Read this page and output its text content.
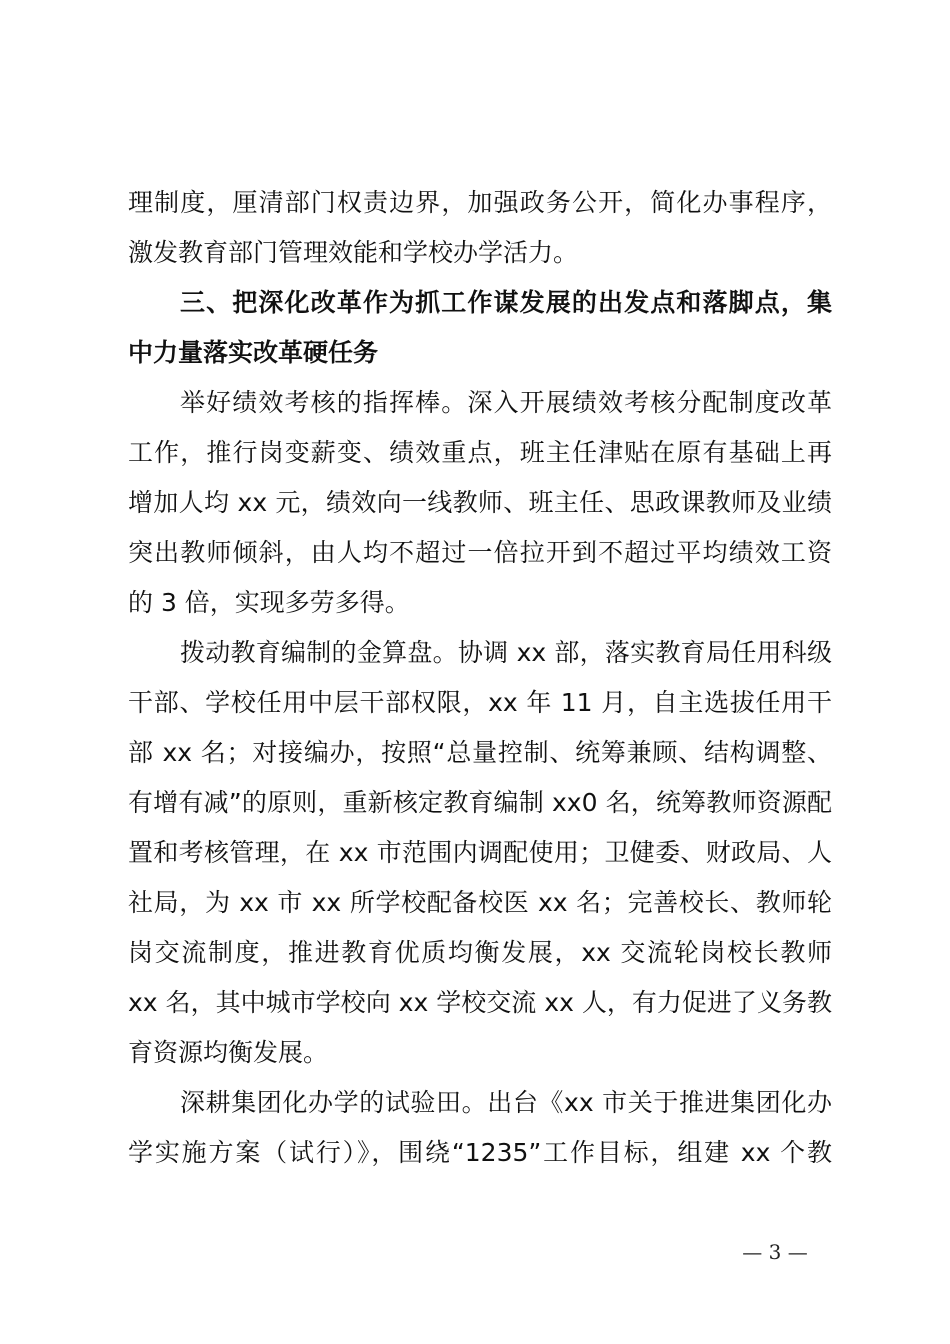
理制度，厘清部门权责边界，加强政务公开，简化办事程序，
激发教育部门管理效能和学校办学活力。
三、把深化改革作为抓工作谋发展的出发点和落脚点，集
中力量落实改革硬任务
举好绩效考核的指挥棒。深入开展绩效考核分配制度改革
工作，推行岗变薪变、绩效重点，班主任津贴在原有基础上再
增加人均 xx 元，绩效向一线教师、班主任、思政课教师及业绩
突出教师倾斜，由人均不超过一倍拉开到不超过平均绩效工资
的 3 倍，实现多劳多得。
拨动教育编制的金算盘。协调 xx 部，落实教育局任用科级
干部、学校任用中层干部权限，xx 年 11 月，自主选拔任用干
部 xx 名；对接编办，按照“总量控制、统筹兼顾、结构调整、
有增有减”的原则，重新核定教育编制 xx0 名，统筹教师资源配
置和考核管理，在 xx 市范围内调配使用；卫健委、财政局、人
社局，为 xx 市 xx 所学校配备校医 xx 名；完善校长、教师轮
岗交流制度，推进教育优质均衡发展，xx 交流轮岗校长教师
xx 名，其中城市学校向 xx 学校交流 xx 人，有力促进了义务教
育资源均衡发展。
深耕集团化办学的试验田。出台《xx 市关于推进集团化办
学实施方案（试行）》，围绕“1235”工作目标，组建 xx 个教
— 3 —
